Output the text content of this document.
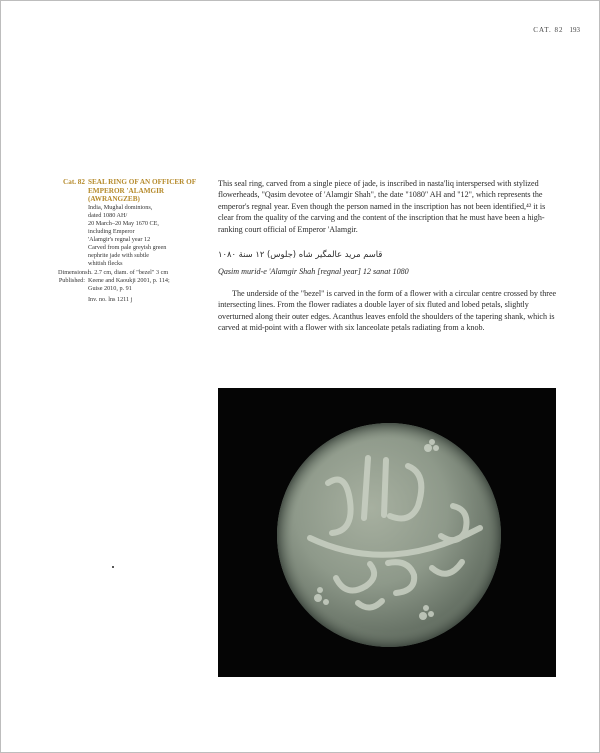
CAT. 82 193
Cat. 82 SEAL RING OF AN OFFICER OF EMPEROR 'ALAMGIR (AWRANGZEB)
India, Mughal dominions,
dated 1080 AH/
20 March–20 May 1670 CE,
including Emperor
'Alamgir's regnal year 12
Carved from pale greyish green
nephrite jade with subtle
whitish flecks
Dimensions:
h. 2.7 cm, diam. of "bezel" 3 cm
Published: Keene and Kaoukji 2001, p. 114;
Guise 2010, p. 91
Inv. no. lns 1211 j

This seal ring, carved from a single piece of jade, is inscribed in nasta'liq interspersed with stylized flowerheads, "Qasim devotee of 'Alamgir Shah", the date "1080" AH and "12", which represents the emperor's regnal year. Even though the person named in the inscription has not been identified,⁴² it is clear from the quality of the carving and the content of the inscription that he must have been a high-ranking court official of Emperor 'Alamgir.

قاسم مرید عالمگیر شاه (جلوس) ۱۲ سنة ۱۰۸۰

Qasim murid-e 'Alamgir Shah [regnal year] 12 sanat 1080

The underside of the "bezel" is carved in the form of a flower with a circular centre crossed by three intersecting lines. From the flower radiates a double layer of six fluted and lobed petals, slightly overturned along their outer edges. Acanthus leaves enfold the shoulders of the tapering shank, which is carved at mid-point with a flower with six lanceolate petals radiating from a knob.
